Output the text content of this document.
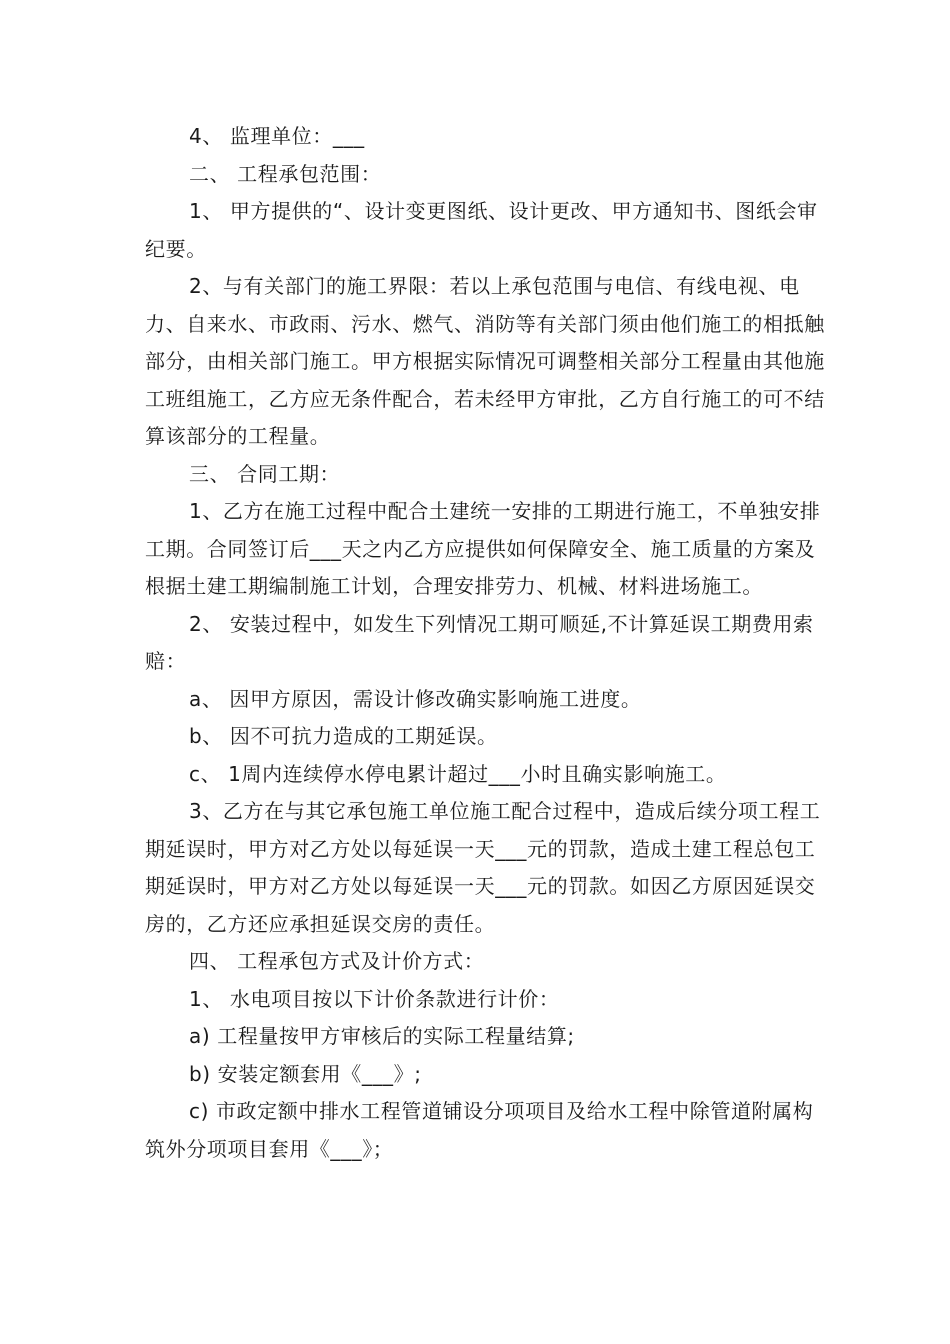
4、 监理单位：___

二、 工程承包范围：

1、 甲方提供的“、设计变更图纸、设计更改、甲方通知书、图纸会审纪要。

2、与有关部门的施工界限：若以上承包范围与电信、有线电视、电力、自来水、市政雨、污水、燃气、消防等有关部门须由他们施工的相抵触部分，由相关部门施工。甲方根据实际情况可调整相关部分工程量由其他施工班组施工，乙方应无条件配合，若未经甲方审批，乙方自行施工的可不结算该部分的工程量。

三、 合同工期：

1、乙方在施工过程中配合土建统一安排的工期进行施工，不单独安排工期。合同签订后___天之内乙方应提供如何保障安全、施工质量的方案及根据土建工期编制施工计划，合理安排劳力、机械、材料进场施工。

2、 安装过程中，如发生下列情况工期可顺延,不计算延误工期费用索赔：

a、 因甲方原因，需设计修改确实影响施工进度。

b、 因不可抗力造成的工期延误。

c、 1周内连续停水停电累计超过___小时且确实影响施工。

3、乙方在与其它承包施工单位施工配合过程中，造成后续分项工程工期延误时，甲方对乙方处以每延误一天___元的罚款，造成土建工程总包工期延误时，甲方对乙方处以每延误一天___元的罚款。如因乙方原因延误交房的，乙方还应承担延误交房的责任。

四、 工程承包方式及计价方式：

1、 水电项目按以下计价条款进行计价：

a) 工程量按甲方审核后的实际工程量结算;

b) 安装定额套用《___》;

c) 市政定额中排水工程管道铺设分项项目及给水工程中除管道附属构筑外分项项目套用《___》；
